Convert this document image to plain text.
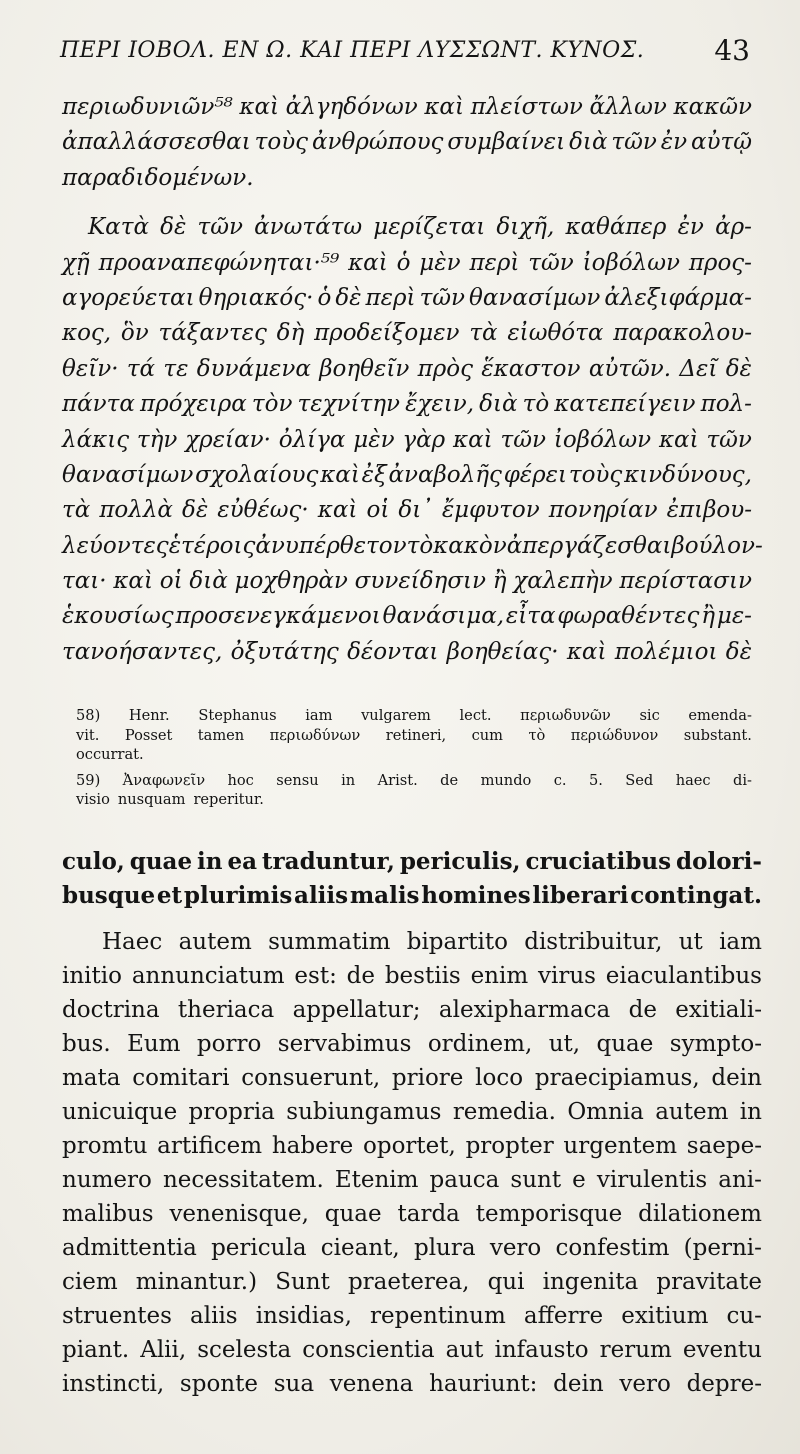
ΠΕΡΙ ΙΟΒΟΛ. ΕΝ Ω. ΚΑΙ ΠΕΡΙ ΛΥΣΣΩΝΤ. ΚΥΝΟΣ.	43
περιωδυνιῶν⁵⁸ καὶ ἀλγηδόνων καὶ πλείστων ἄλλων κακῶν
ἀπαλλάσσεσθαι τοὺς ἀνθρώπους συμβαίνει διὰ τῶν ἐν αὐτῷ
παραδιδομένων.
Κατὰ δὲ τῶν ἀνωτάτω μερίζεται διχῆ, καθάπερ ἐν ἀρ-
χῇ προαναπεφώνηται·⁵⁹ καὶ ὁ μὲν περὶ τῶν ἰοβόλων προς-
αγορεύεται θηριακός· ὁ δὲ περὶ τῶν θανασίμων ἀλεξιφάρμα-
κος, ὃν τάξαντες δὴ προδείξομεν τὰ εἰωθότα παρακολου-
θεῖν· τά τε δυνάμενα βοηθεῖν πρὸς ἕκαστον αὐτῶν. Δεῖ δὲ
πάντα πρόχειρα τὸν τεχνίτην ἔχειν, διὰ τὸ κατεπείγειν πολ-
λάκις τὴν χρείαν· ὀλίγα μὲν γὰρ καὶ τῶν ἰοβόλων καὶ τῶν
θανασίμων σχολαίους καὶ ἐξ ἀναβολῆς φέρει τοὺς κινδύνους,
τὰ πολλὰ δὲ εὐθέως· καὶ οἱ δι᾿ ἔμφυτον πονηρίαν ἐπιβου-
λεύοντες ἑτέροις ἀνυπέρθετον τὸ κακὸν ἀπεργάζεσθαι βούλον-
ται· καὶ οἱ διὰ μοχθηρὰν συνείδησιν ἢ χαλεπὴν περίστασιν
ἑκουσίως προσενεγκάμενοι θανάσιμα, εἶτα φωραθέντες ἢ με-
τανοήσαντες, ὀξυτάτης δέονται βοηθείας· καὶ πολέμιοι δὲ
58) Henr. Stephanus iam vulgarem lect. περιωδυνῶν sic emenda-
vit. Posset tamen περιωδύνων retineri, cum τὸ περιώδυνον substant.
occurrat.
59) Ἀναφωνεῖν hoc sensu in Arist. de mundo c. 5. Sed haec di-
visio nusquam reperitur.
culo, quae in ea traduntur, periculis, cruciatibus dolori-
busque et plurimis aliis malis homines liberari contingat.
Haec autem summatim bipartito distribuitur, ut iam
initio annunciatum est: de bestiis enim virus eiaculantibus
doctrina theriaca appellatur; alexipharmaca de exitiali-
bus. Eum porro servabimus ordinem, ut, quae sympto-
mata comitari consuerunt, priore loco praecipiamus, dein
unicuique propria subiungamus remedia. Omnia autem in
promtu artificem habere oportet, propter urgentem saepe-
numero necessitatem. Etenim pauca sunt e virulentis ani-
malibus venenisque, quae tarda temporisque dilationem
admittentia pericula cieant, plura vero confestim (perni-
ciem minantur.) Sunt praeterea, qui ingenita pravitate
struentes aliis insidias, repentinum afferre exitium cu-
piant. Alii, scelesta conscientia aut infausto rerum eventu
instincti, sponte sua venena hauriunt: dein vero depre-
